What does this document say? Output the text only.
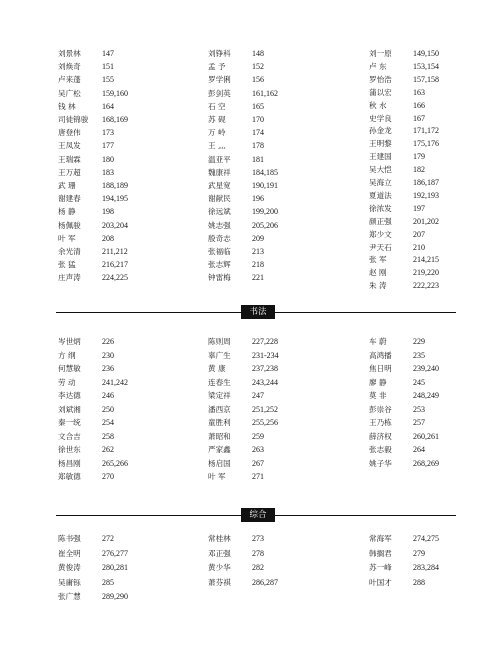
刘景林	147
刘焕奇	151
卢来蓬	155
吴广松	159,160
钱 林	164
司徒锦骏	168,169
唐登伟	173
王凤发	177
王瑞霖	180
王万超	183
武 珊	188,189
谢建春	194,195
杨 静	198
杨佩骏	203,204
叶 军	208
余光清	211,212
张 猛	216,217
庄声涛	224,225
刘铮科	148
孟 予	152
罗学俐	156
彭剑英	161,162
石 空	165
苏 砚	170
万 岭	174
王 灬	178
温亚平	181
魏康祥	184,185
武星宽	190,191
谢献民	196
徐远斌	199,200
姚志强	205,206
殷奇志	209
张福临	213
张志辉	218
钟雷梅	221
刘一原	149,150
卢 东	153,154
罗怡浩	157,158
蒲以宏	163
秋 水	166
史学良	167
孙金龙	171,172
王明黎	175,176
王建国	179
吴大恺	182
吴海立	186,187
夏道法	192,193
徐浓发	197
颜正强	201,202
郑少文	207
尹天石	210
张 军	214,215
赵 刚	219,220
朱 涛	222,223
书法
岑世炳	226
方 纲	230
何慧敏	236
劳 动	241,242
李达德	246
刘斌湘	250
秦一统	254
文合吉	258
徐世东	262
杨昌刚	265,266
郑敏德	270
陈则周	227,228
辜广生	231-234
黄 康	237,238
连春生	243,244
梁定祥	247
潘西京	251,252
童胜利	255,256
萧昭和	259
严家鑫	263
杨启国	267
叶 军	271
车 蔚	229
高鸿播	235
焦日明	239,240
廖 静	245
莫 非	248,249
彭崇谷	253
王乃栋	257
薛济权	260,261
张志毅	264
姚子华	268,269
综合
陈书强	272
崔全明	276,277
黄俊涛	280,281
吴庸铄	285
张广慧	289,290
常桂林	273
邓正强	278
黄少华	282
萧芬祺	286,287
常海军	274,275
韩搁君	279
苏一峰	283,284
叶国才	288
